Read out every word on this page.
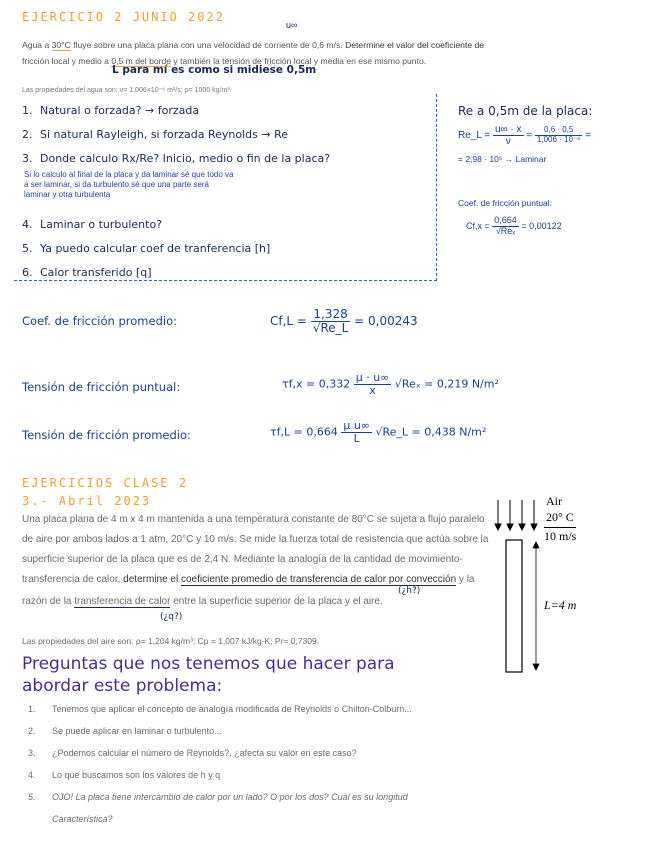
EJERCICIO 2 JUNIO 2022
u∞
Agua a 30°C fluye sobre una placa plana con una velocidad de corriente de 0,6 m/s. Determine el valor del coeficiente de
fricción local y medio a 0,5 m del borde y también la tensión de fricción local y media en ese mismo punto.
L para mí es como si midiese 0,5m
Las propiedades del agua son: ν= 1,006×10⁻⁶ m²/s; ρ= 1000 kg/m³.
1. Natural o forzada? → forzada
2. Si natural Rayleigh, si forzada Reynolds → Re
3. Donde calculo Rx/Re? Inicio, medio o fin de la placa?
Si lo calculo al final de la placa y da laminar sé que todo va
a ser laminar, si da turbulento sé que una parte será
laminar y otra turbulenta
4. Laminar o turbulento?
5. Ya puedo calcular coef de tranferencia [h]
6. Calor transferido [q]
Re a 0,5m de la placa:
Re_L = $\frac{u\infty \cdot x}{\nu} = \frac{0,6 \cdot 0,5}{\text{1,006 · 10⁻⁶}}$ =
= 2,98 · 10⁵ → Laminar
Coef. de fricción puntual:
$Cf,x = \frac{0,664}{\text{√Reₓ}} = 0,00122$
Coef. de fricción promedio:	$Cf,L = \frac{1,328}{√Re\_L} = 0,00243$
Tensión de fricción puntual:	$\tau f,x = 0,332 \frac{\mu \cdot u\infty}{x} √Re_x = 0,219$ N/m²
Tensión de fricción promedio:	$\tau f,L = 0,664 \frac{\text{μ u∞}}{L}$ √Re_L = 0,438 N/m²
EJERCICIOS CLASE 2
3.- Abril 2023
Una placa plana de 4 m x 4 m mantenida a una temperatura constante de 80°C se sujeta a flujo paralelo
de aire por ambos lados a 1 atm, 20°C y 10 m/s. Se mide la fuerza total de resistencia que actúa sobre la
superficie superior de la placa que es de 2,4 N. Mediante la analogía de la cantidad de movimiento-
transferencia de calor, determine el coeficiente promedio de transferencia de calor por convección y la
(¿h?)
razón de la transferencia de calor entre la superficie superior de la placa y el aire.
(¿q?)
Las propiedades del aire son: ρ= 1,204 kg/m³; Cp = 1,007 kJ/kg·K; Pr= 0,7309.
Preguntas que nos tenemos que hacer para
abordar este problema:
1. Tenemos que aplicar el concepto de analogía modificada de Reynolds o Chilton-Colburn...
2. Se puede aplicar en laminar o turbulento...
3. ¿Podemos calcular el número de Reynolds?, ¿afecta su valor en este caso?
4. Lo que buscamos son los valores de h y q
5. OJO! La placa tiene intercambio de calor por un lado? O por los dos? Cuál es su longitud
Característica?
Air
20° C
10 m/s
L=4 m
